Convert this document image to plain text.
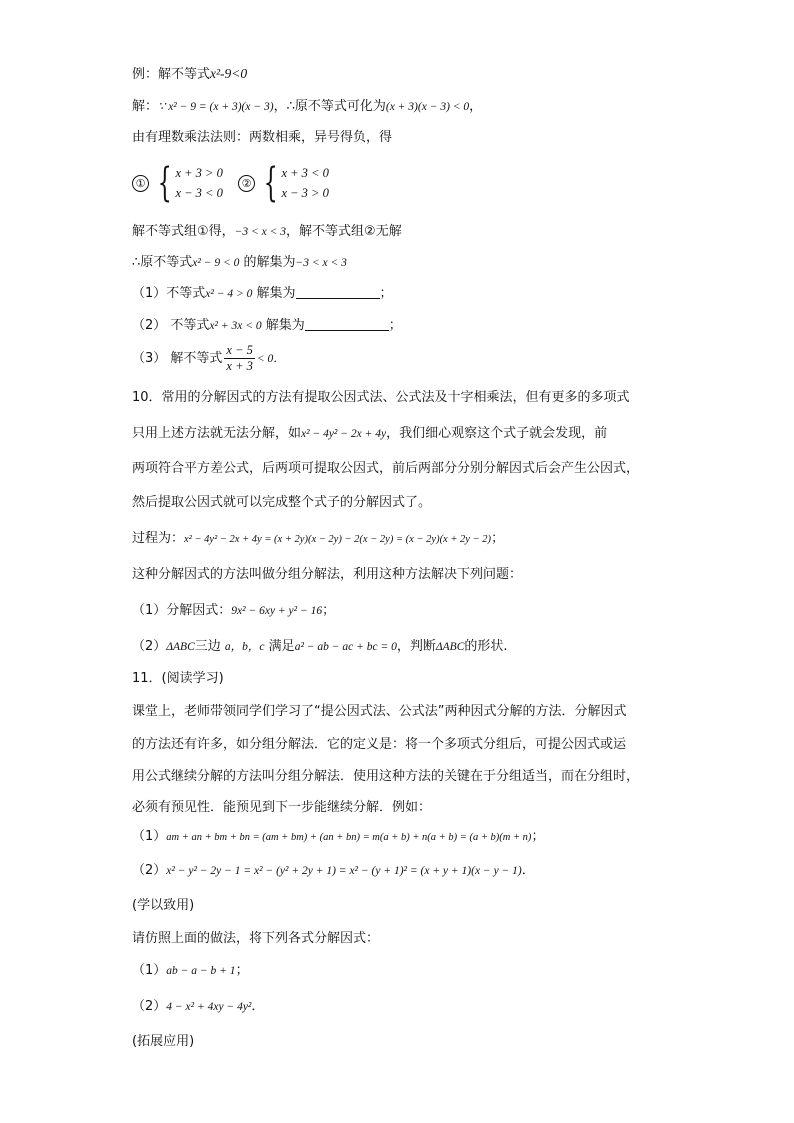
例：解不等式x²-9<0
解：∵ x² − 9 = (x + 3)(x − 3)，∴原不等式可化为(x + 3)(x − 3) < 0，
由有理数乘法法则：两数相乘，异号得负，得
① { x + 3 > 0
x − 3 < 0
② { x + 3 < 0
x − 3 > 0
解不等式组①得，−3 < x < 3，解不等式组②无解
∴原不等式x² − 9 < 0 的解集为−3 < x < 3
（1）不等式x² − 4 > 0 解集为	；
（2） 不等式x² + 3x < 0 解集为	；
（3） 解不等式 $\frac{x - 5}{x + 3} < 0$．
10．常用的分解因式的方法有提取公因式法、公式法及十字相乘法，但有更多的多项式
只用上述方法就无法分解，如x² − 4y² − 2x + 4y，我们细心观察这个式子就会发现，前
两项符合平方差公式，后两项可提取公因式，前后两部分分别分解因式后会产生公因式，
然后提取公因式就可以完成整个式子的分解因式了。
过程为：x² − 4y² − 2x + 4y = (x + 2y)(x − 2y) − 2(x − 2y) = (x − 2y)(x + 2y − 2)；
这种分解因式的方法叫做分组分解法，利用这种方法解决下列问题：
（1）分解因式：9x² − 6xy + y² − 16；
（2）ΔABC三边 a，b，c 满足a² − ab − ac + bc = 0，判断ΔABC的形状.
11．(阅读学习)
课堂上，老师带领同学们学习了“提公因式法、公式法”两种因式分解的方法．分解因式
的方法还有许多，如分组分解法．它的定义是：将一个多项式分组后，可提公因式或运
用公式继续分解的方法叫分组分解法．使用这种方法的关键在于分组适当，而在分组时，
必须有预见性．能预见到下一步能继续分解．例如：
（1）am + an + bm + bn = (am + bm) + (an + bn) = m(a + b) + n(a + b) = (a + b)(m + n)；
（2）x² − y² − 2y − 1 = x² − (y² + 2y + 1) = x² − (y + 1)² = (x + y + 1)(x − y − 1)．
(学以致用)
请仿照上面的做法，将下列各式分解因式：
（1）ab − a − b + 1；
（2）4 − x² + 4xy − 4y²．
(拓展应用)
